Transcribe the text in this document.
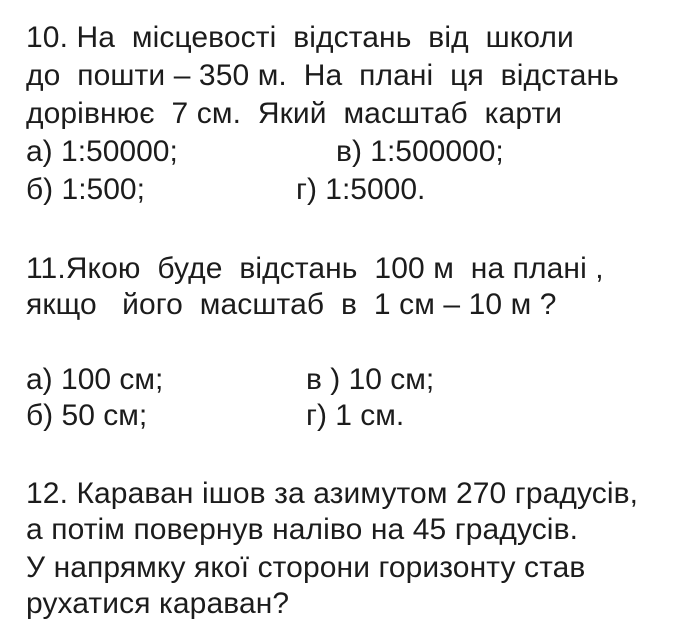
10. На  місцевості  відстань  від  школи
до  пошти – 350 м.  На  плані  ця  відстань
дорівнює  7 см.  Який  масштаб  карти
а) 1:50000;	в) 1:500000;
б) 1:500;	г) 1:5000.
11.Якою  буде  відстань  100 м  на плані ,
якщо   його  масштаб  в  1 см – 10 м ?
а) 100 см;	в ) 10 см;
б) 50 см;	г) 1 см.
12. Караван ішов за азимутом 270 градусів,
а потім повернув наліво на 45 градусів.
У напрямку якої сторони горизонту став
рухатися караван?
